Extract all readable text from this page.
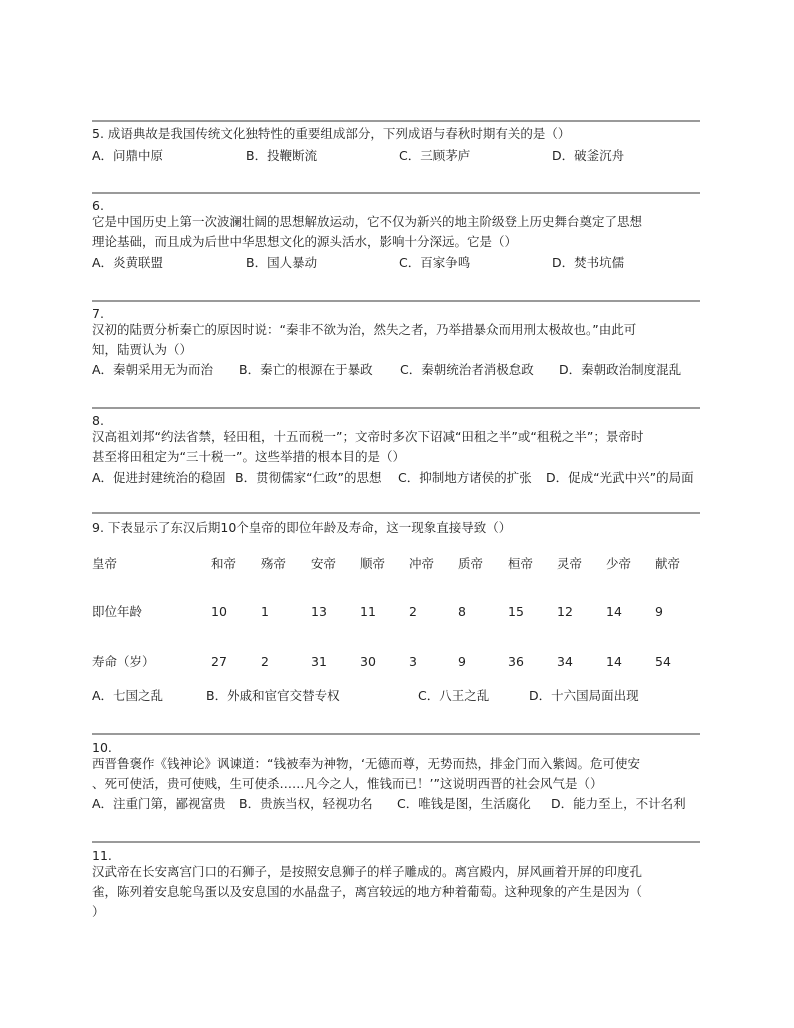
5. 成语典故是我国传统文化独特性的重要组成部分，下列成语与春秋时期有关的是（）
A．问鼎中原	B．投鞭断流	C．三顾茅庐	D．破釜沉舟
6.
它是中国历史上第一次波澜壮阔的思想解放运动，它不仅为新兴的地主阶级登上历史舞台奠定了思想
理论基础，而且成为后世中华思想文化的源头活水，影响十分深远。它是（）
A．炎黄联盟	B．国人暴动	C．百家争鸣	D．焚书坑儒
7.
汉初的陆贾分析秦亡的原因时说：“秦非不欲为治，然失之者，乃举措暴众而用刑太极故也。”由此可
知，陆贾认为（）
A．秦朝采用无为而治 B．秦亡的根源在于暴政 C．秦朝统治者消极怠政 D．秦朝政治制度混乱
8.
汉高祖刘邦“约法省禁，轻田租，十五而税一”；文帝时多次下诏减“田租之半”或“租税之半”；景帝时
甚至将田租定为“三十税一”。这些举措的根本目的是（）
A．促进封建统治的稳固 B．贯彻儒家“仁政”的思想 C．抑制地方诸侯的扩张 D．促成“光武中兴”的局面
9. 下表显示了东汉后期10个皇帝的即位年龄及寿命，这一现象直接导致（）
皇帝	和帝 殇帝 安帝 顺帝 冲帝 质帝 桓帝 灵帝 少帝 献帝
即位年龄	10	1	13	11	2	8	15	12	14	9
寿命（岁）	27	2	31	30	3	9	36	34	14	54
A．七国之乱	B．外戚和宦官交替专权	C．八王之乱	D．十六国局面出现
10.
西晋鲁褒作《钱神论》讽谏道：“钱被奉为神物，‘无德而尊，无势而热，排金门而入紫闼。危可使安
、死可使活，贵可使贱，生可使杀……凡今之人，惟钱而已！’”这说明西晋的社会风气是（）
A．注重门第，鄙视富贵 B．贵族当权，轻视功名 C．唯钱是图，生活腐化 D．能力至上，不计名利
11.
汉武帝在长安离宫门口的石狮子，是按照安息狮子的样子雕成的。离宫殿内，屏风画着开屏的印度孔
雀，陈列着安息鸵鸟蛋以及安息国的水晶盘子，离宫较远的地方种着葡萄。这种现象的产生是因为（
）
